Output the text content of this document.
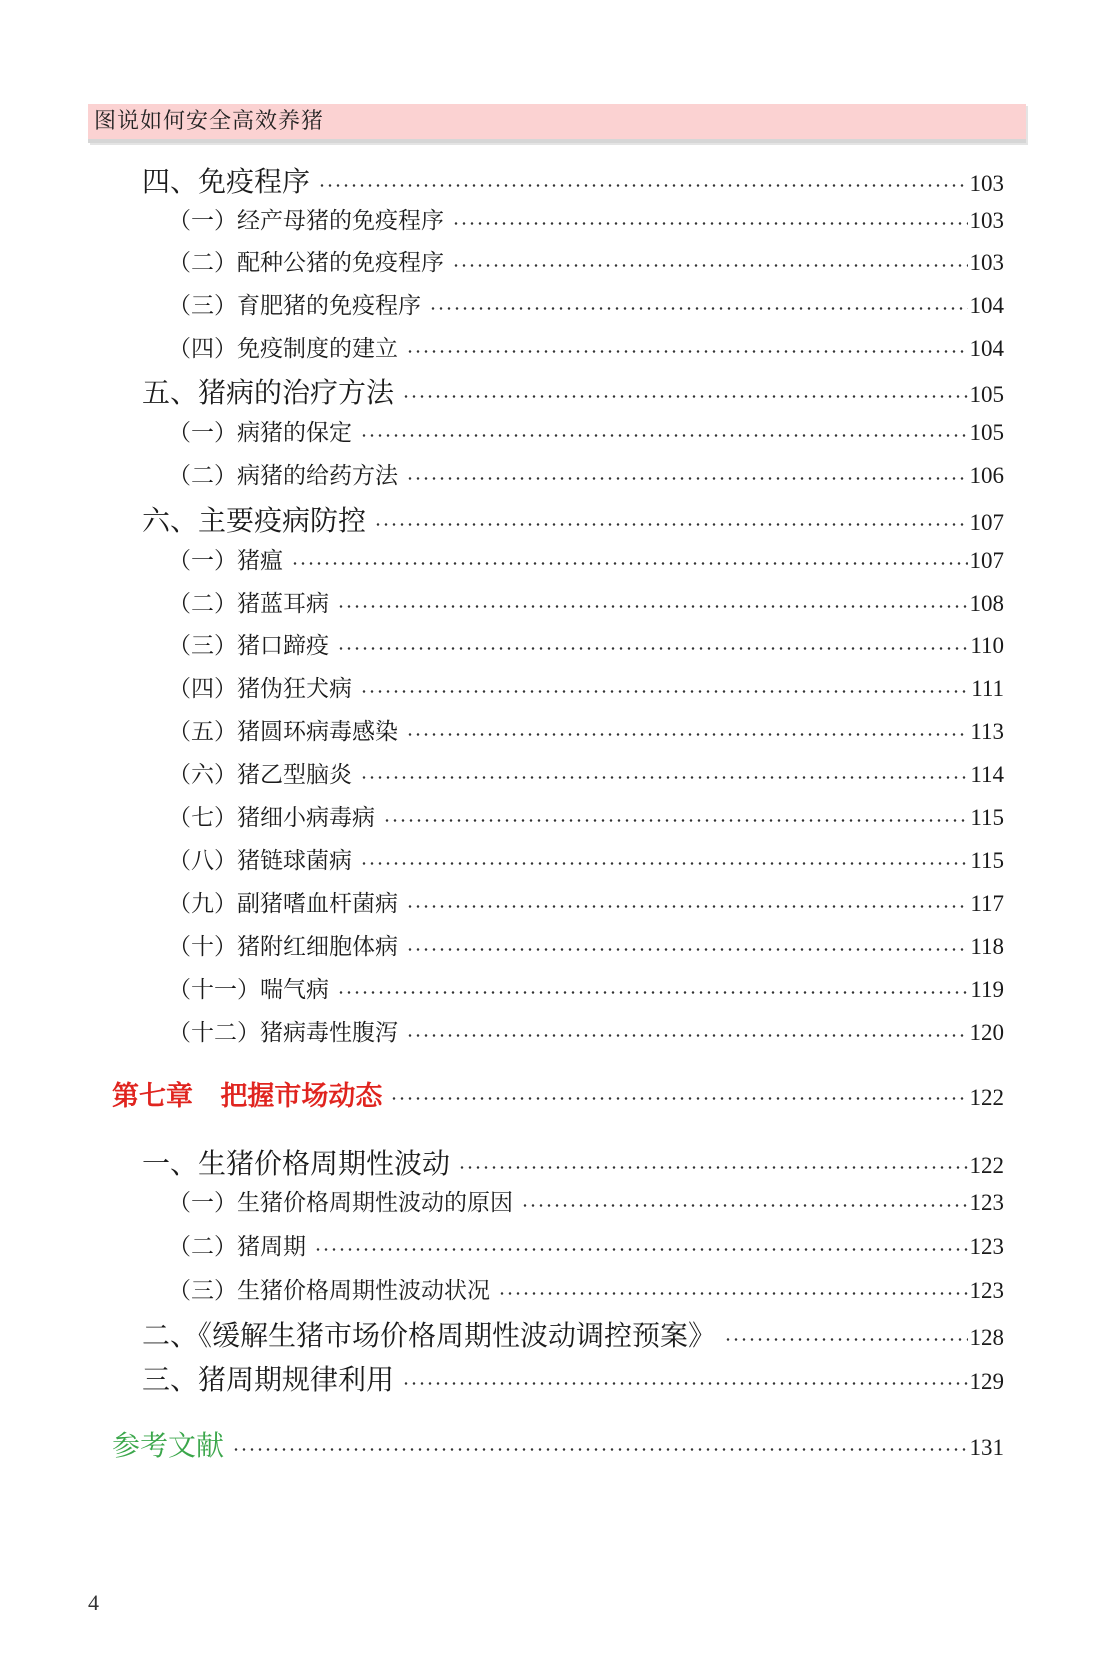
图说如何安全高效养猪
四、免疫程序	103
（一）经产母猪的免疫程序	103
（二）配种公猪的免疫程序	103
（三）育肥猪的免疫程序	104
（四）免疫制度的建立	104
五、猪病的治疗方法	105
（一）病猪的保定	105
（二）病猪的给药方法	106
六、主要疫病防控	107
（一）猪瘟	107
（二）猪蓝耳病	108
（三）猪口蹄疫	110
（四）猪伪狂犬病	111
（五）猪圆环病毒感染	113
（六）猪乙型脑炎	114
（七）猪细小病毒病	115
（八）猪链球菌病	115
（九）副猪嗜血杆菌病	117
（十）猪附红细胞体病	118
（十一）喘气病	119
（十二）猪病毒性腹泻	120
第七章 把握市场动态	122
一、生猪价格周期性波动	122
（一）生猪价格周期性波动的原因	123
（二）猪周期	123
（三）生猪价格周期性波动状况	123
二、《缓解生猪市场价格周期性波动调控预案》	128
三、猪周期规律利用	129
参考文献	131
4
